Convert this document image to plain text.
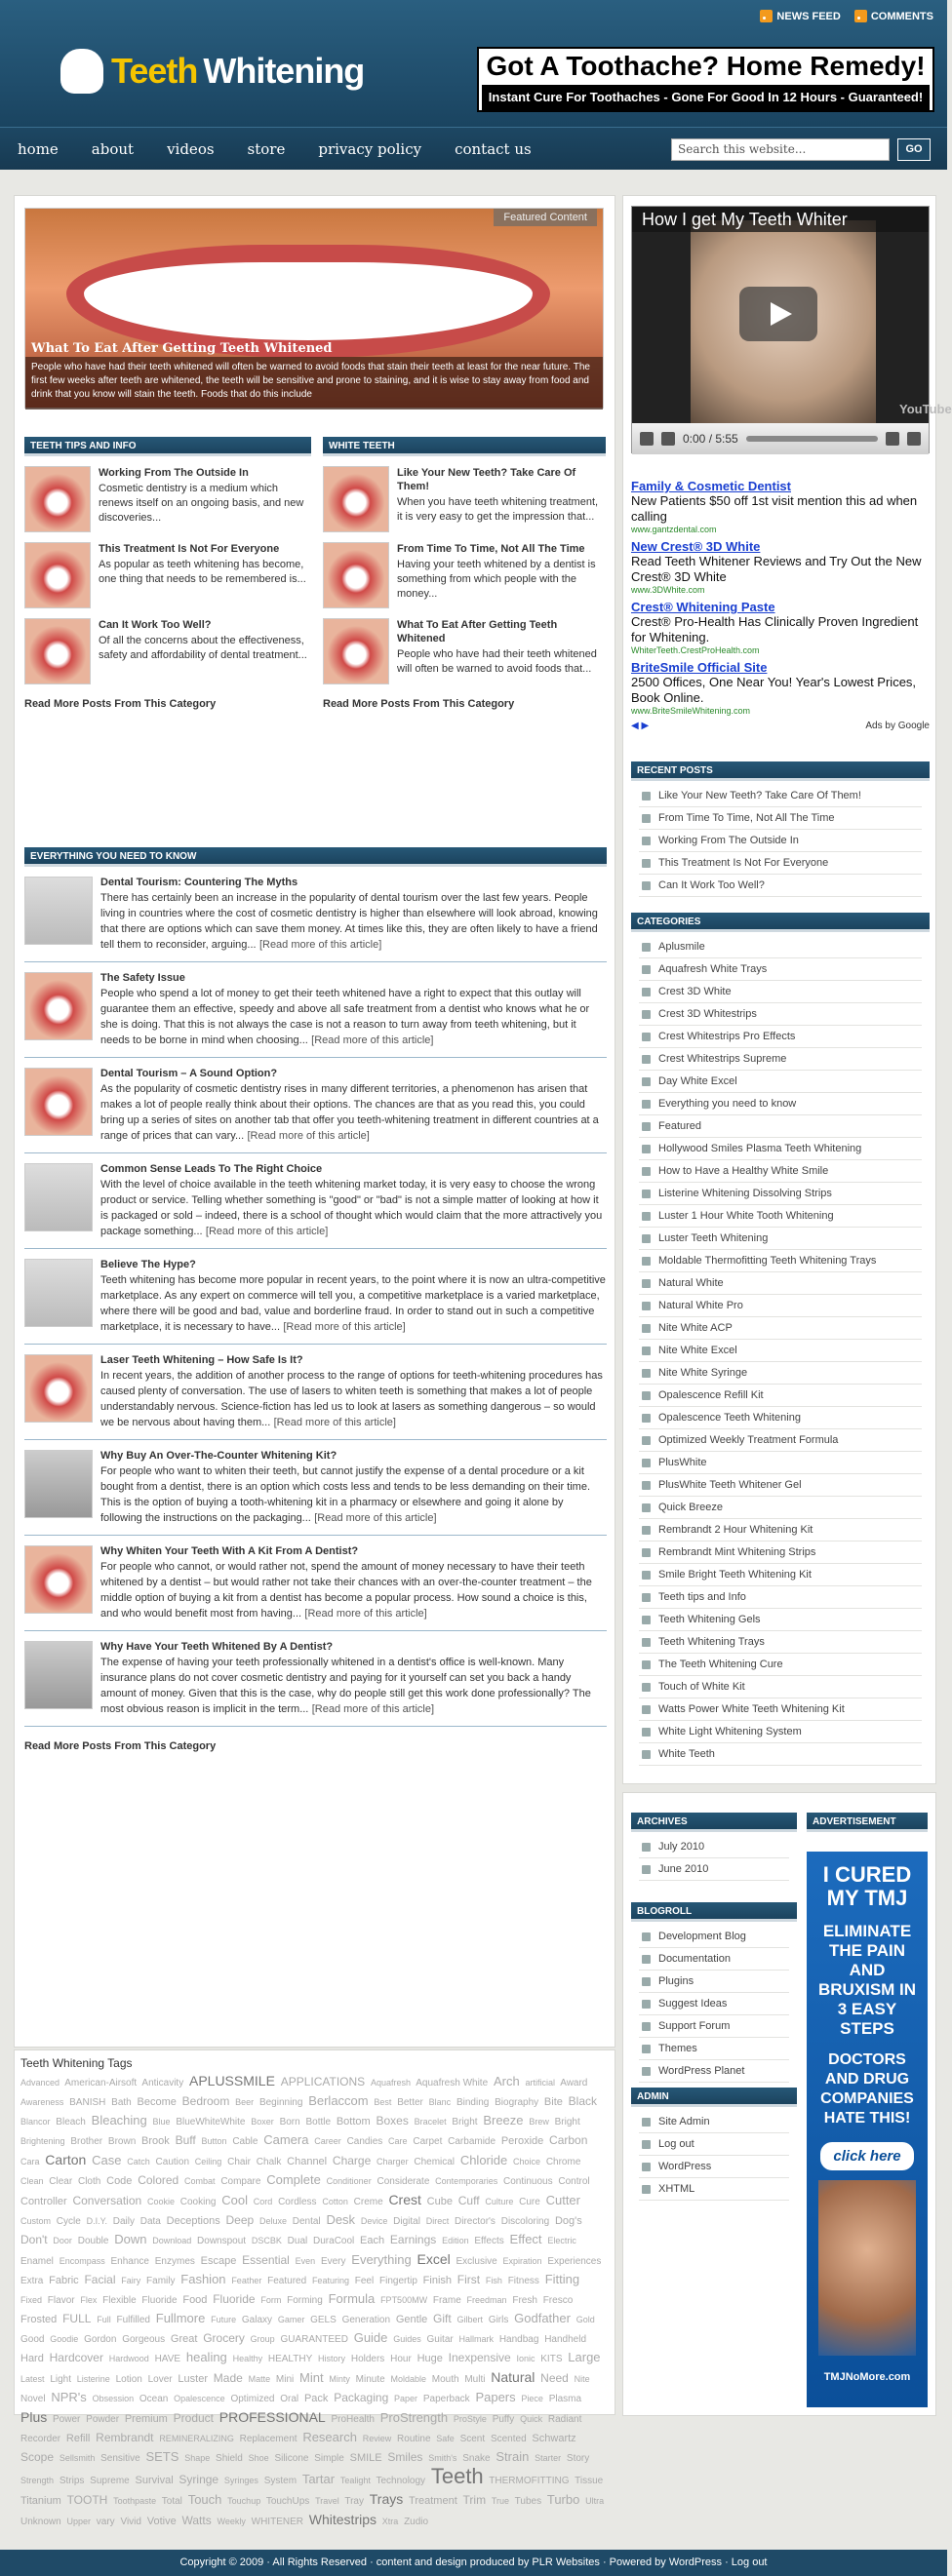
NEWS FEED	COMMENTS
Teeth Whitening	Got A Toothache? Home Remedy!
Instant Cure For Toothaches - Gone For Good In 12 Hours - Guaranteed!
home about videos store privacy policy contact us	Search this website...	GO
Featured Content
What To Eat After Getting Teeth Whitened
People who have had their teeth whitened will often be warned to avoid foods that stain their teeth at least for the near future. The first few weeks after teeth are whitened, the teeth will be sensitive and prone to staining, and it is wise to stay away from food and drink that you know will stain the teeth. Foods that do this include
TEETH TIPS AND INFO
Working From The Outside In
Cosmetic dentistry is a medium which renews itself on an ongoing basis, and new discoveries...
This Treatment Is Not For Everyone
As popular as teeth whitening has become, one thing that needs to be remembered is...
Can It Work Too Well?
Of all the concerns about the effectiveness, safety and affordability of dental treatment...
Read More Posts From This Category
WHITE TEETH
Like Your New Teeth? Take Care Of Them!
When you have teeth whitening treatment, it is very easy to get the impression that...
From Time To Time, Not All The Time
Having your teeth whitened by a dentist is something from which people with the money...
What To Eat After Getting Teeth Whitened
People who have had their teeth whitened will often be warned to avoid foods that...
Read More Posts From This Category
EVERYTHING YOU NEED TO KNOW
Dental Tourism: Countering The Myths
There has certainly been an increase in the popularity of dental tourism over the last few years. People living in countries where the cost of cosmetic dentistry is higher than elsewhere will look abroad, knowing that there are options which can save them money. At times like this, they are often likely to have a friend tell them to reconsider, arguing... [Read more of this article]
The Safety Issue
People who spend a lot of money to get their teeth whitened have a right to expect that this outlay will guarantee them an effective, speedy and above all safe treatment from a dentist who knows what he or she is doing. That this is not always the case is not a reason to turn away from teeth whitening, but it needs to be borne in mind when choosing... [Read more of this article]
Dental Tourism – A Sound Option?
As the popularity of cosmetic dentistry rises in many different territories, a phenomenon has arisen that makes a lot of people really think about their options. The chances are that as you read this, you could bring up a series of sites on another tab that offer you teeth-whitening treatment in different countries at a range of prices that can vary... [Read more of this article]
Common Sense Leads To The Right Choice
With the level of choice available in the teeth whitening market today, it is very easy to choose the wrong product or service. Telling whether something is "good" or "bad" is not a simple matter of looking at how it is packaged or sold – indeed, there is a school of thought which would claim that the more attractively you package something... [Read more of this article]
Believe The Hype?
Teeth whitening has become more popular in recent years, to the point where it is now an ultra-competitive marketplace. As any expert on commerce will tell you, a competitive marketplace is a varied marketplace, where there will be good and bad, value and borderline fraud. In order to stand out in such a competitive marketplace, it is necessary to have... [Read more of this article]
Laser Teeth Whitening – How Safe Is It?
In recent years, the addition of another process to the range of options for teeth-whitening procedures has caused plenty of conversation. The use of lasers to whiten teeth is something that makes a lot of people understandably nervous. Science-fiction has led us to look at lasers as something dangerous – so would we be nervous about having them... [Read more of this article]
Why Buy An Over-The-Counter Whitening Kit?
For people who want to whiten their teeth, but cannot justify the expense of a dental procedure or a kit bought from a dentist, there is an option which costs less and tends to be less demanding on their time. This is the option of buying a tooth-whitening kit in a pharmacy or elsewhere and going it alone by following the instructions on the packaging... [Read more of this article]
Why Whiten Your Teeth With A Kit From A Dentist?
For people who cannot, or would rather not, spend the amount of money necessary to have their teeth whitened by a dentist – but would rather not take their chances with an over-the-counter treatment – the middle option of buying a kit from a dentist has become a popular process. How sound a choice is this, and who would benefit most from having... [Read more of this article]
Why Have Your Teeth Whitened By A Dentist?
The expense of having your teeth professionally whitened in a dentist's office is well-known. Many insurance plans do not cover cosmetic dentistry and paying for it yourself can set you back a handy amount of money. Given that this is the case, why do people still get this work done professionally? The most obvious reason is implicit in the term... [Read more of this article]
Read More Posts From This Category
Teeth Whitening Tags
Advanced American-Airsoft Anticavity APLUSSMILE APPLICATIONS Aquafresh Aquafresh White Arch artificial Award Awareness BANISH Bath Become Bedroom Beer Beginning Berlaccom Best Better Blanc Binding Biography Bite Black Blancor Bleach Bleaching Blue BlueWhiteWhite Boxer Born Bottle Bottom Boxes Bracelet Bright Breeze Brew Bright Brightening Brother Brown Brook Buff Button Cable Camera Career Candies Care Carpet Carbamide Peroxide Carbon Cara Carton Case Catch Caution Ceiling Chair Chalk Channel Charge Charger Chemical Chloride Choice Chrome Clean Clear Cloth Code Colored Combat Compare Complete Conditioner Considerate Contemporaries Continuous Control Controller Conversation Cookie Cooking Cool Cord Cordless Cotton Creme Crest Cube Cuff Culture Cure Cutter Custom Cycle D.I.Y. Daily Data Deceptions Deep Deluxe Dental Desk Device Digital Direct Director's Discoloring Dog's Don't Door Double Down Download Downspout DSCBK Dual DuraCool Each Earnings Edition Effects Effect Electric Enamel Encompass Enhance Enzymes Escape Essential Even Every Everything Excel Exclusive Expiration Experiences Extra Fabric Facial Fairy Family Fashion Feather Featured Featuring Feel Fingertip Finish First Fish Fitness Fitting Fixed Flavor Flex Flexible Fluoride Food Fluoride Form Forming Formula FPT500MW Frame Freedman Fresh Fresco Frosted FULL Full Fulfilled Fullmore Future Galaxy Gamer GELS Generation Gentle Gift Gilbert Girls Godfather Gold Good Goodie Gordon Gorgeous Great Grocery Group GUARANTEED Guide Guides Guitar Hallmark Handbag Handheld Hard Hardcover Hardwood HAVE healing Healthy HEALTHY History Holders Hour Huge Inexpensive Ionic KITS Large Latest Light Listerine Lotion Lover Luster Made Matte Mini Mint Minty Minute Moldable Mouth Multi Natural Need Nite Novel NPR's Obsession Ocean Opalescence Optimized Oral Pack Packaging Paper Paperback Papers Piece Plasma Plus Power Powder Premium Product PROFESSIONAL ProHealth ProStrength ProStyle Puffy Quick Radiant Recorder Refill Rembrandt REMINERALIZING Replacement Research Review Routine Safe Scent Scented Schwartz Scope Sellsmith Sensitive SETS Shape Shield Shoe Silicone Simple SMILE Smiles Smith's Snake Strain Starter Story Strength Strips Supreme Survival Syringe Syringes System Tartar Tealight Technology Teeth THERMOFITTING Tissue Titanium TOOTH Toothpaste Total Touch Touchup TouchUps Travel Tray Trays Treatment Trim True Tubes Turbo Ultra Unknown Upper vary Vivid Votive Watts Weekly WHITENER Whitestrips Xtra Zudio
How I get My Teeth Whiter
YouTube
0:00 / 5:55
Family & Cosmetic Dentist
New Patients $50 off 1st visit mention this ad when calling
www.gantzdental.com
New Crest® 3D White
Read Teeth Whitener Reviews and Try Out the New Crest® 3D White
www.3DWhite.com
Crest® Whitening Paste
Crest® Pro-Health Has Clinically Proven Ingredient for Whitening.
WhiterTeeth.CrestProHealth.com
BriteSmile Official Site
2500 Offices, One Near You! Year's Lowest Prices, Book Online.
www.BriteSmileWhitening.com
◀ ▶	Ads by Google
RECENT POSTS
Like Your New Teeth? Take Care Of Them!
From Time To Time, Not All The Time
Working From The Outside In
This Treatment Is Not For Everyone
Can It Work Too Well?
CATEGORIES
Aplusmile
Aquafresh White Trays
Crest 3D White
Crest 3D Whitestrips
Crest Whitestrips Pro Effects
Crest Whitestrips Supreme
Day White Excel
Everything you need to know
Featured
Hollywood Smiles Plasma Teeth Whitening
How to Have a Healthy White Smile
Listerine Whitening Dissolving Strips
Luster 1 Hour White Tooth Whitening
Luster Teeth Whitening
Moldable Thermofitting Teeth Whitening Trays
Natural White
Natural White Pro
Nite White ACP
Nite White Excel
Nite White Syringe
Opalescence Refill Kit
Opalescence Teeth Whitening
Optimized Weekly Treatment Formula
PlusWhite
PlusWhite Teeth Whitener Gel
Quick Breeze
Rembrandt 2 Hour Whitening Kit
Rembrandt Mint Whitening Strips
Smile Bright Teeth Whitening Kit
Teeth tips and Info
Teeth Whitening Gels
Teeth Whitening Trays
The Teeth Whitening Cure
Touch of White Kit
Watts Power White Teeth Whitening Kit
White Light Whitening System
White Teeth
ARCHIVES
July 2010
June 2010
BLOGROLL
Development Blog
Documentation
Plugins
Suggest Ideas
Support Forum
Themes
WordPress Planet
ADMIN
Site Admin
Log out
WordPress
XHTML
ADVERTISEMENT
I CURED MY TMJ
ELIMINATE THE PAIN AND BRUXISM IN 3 EASY STEPS
DOCTORS AND DRUG COMPANIES HATE THIS!
click here
TMJNoMore.com
Copyright © 2009 · All Rights Reserved · content and design produced by PLR Websites · Powered by WordPress · Log out
